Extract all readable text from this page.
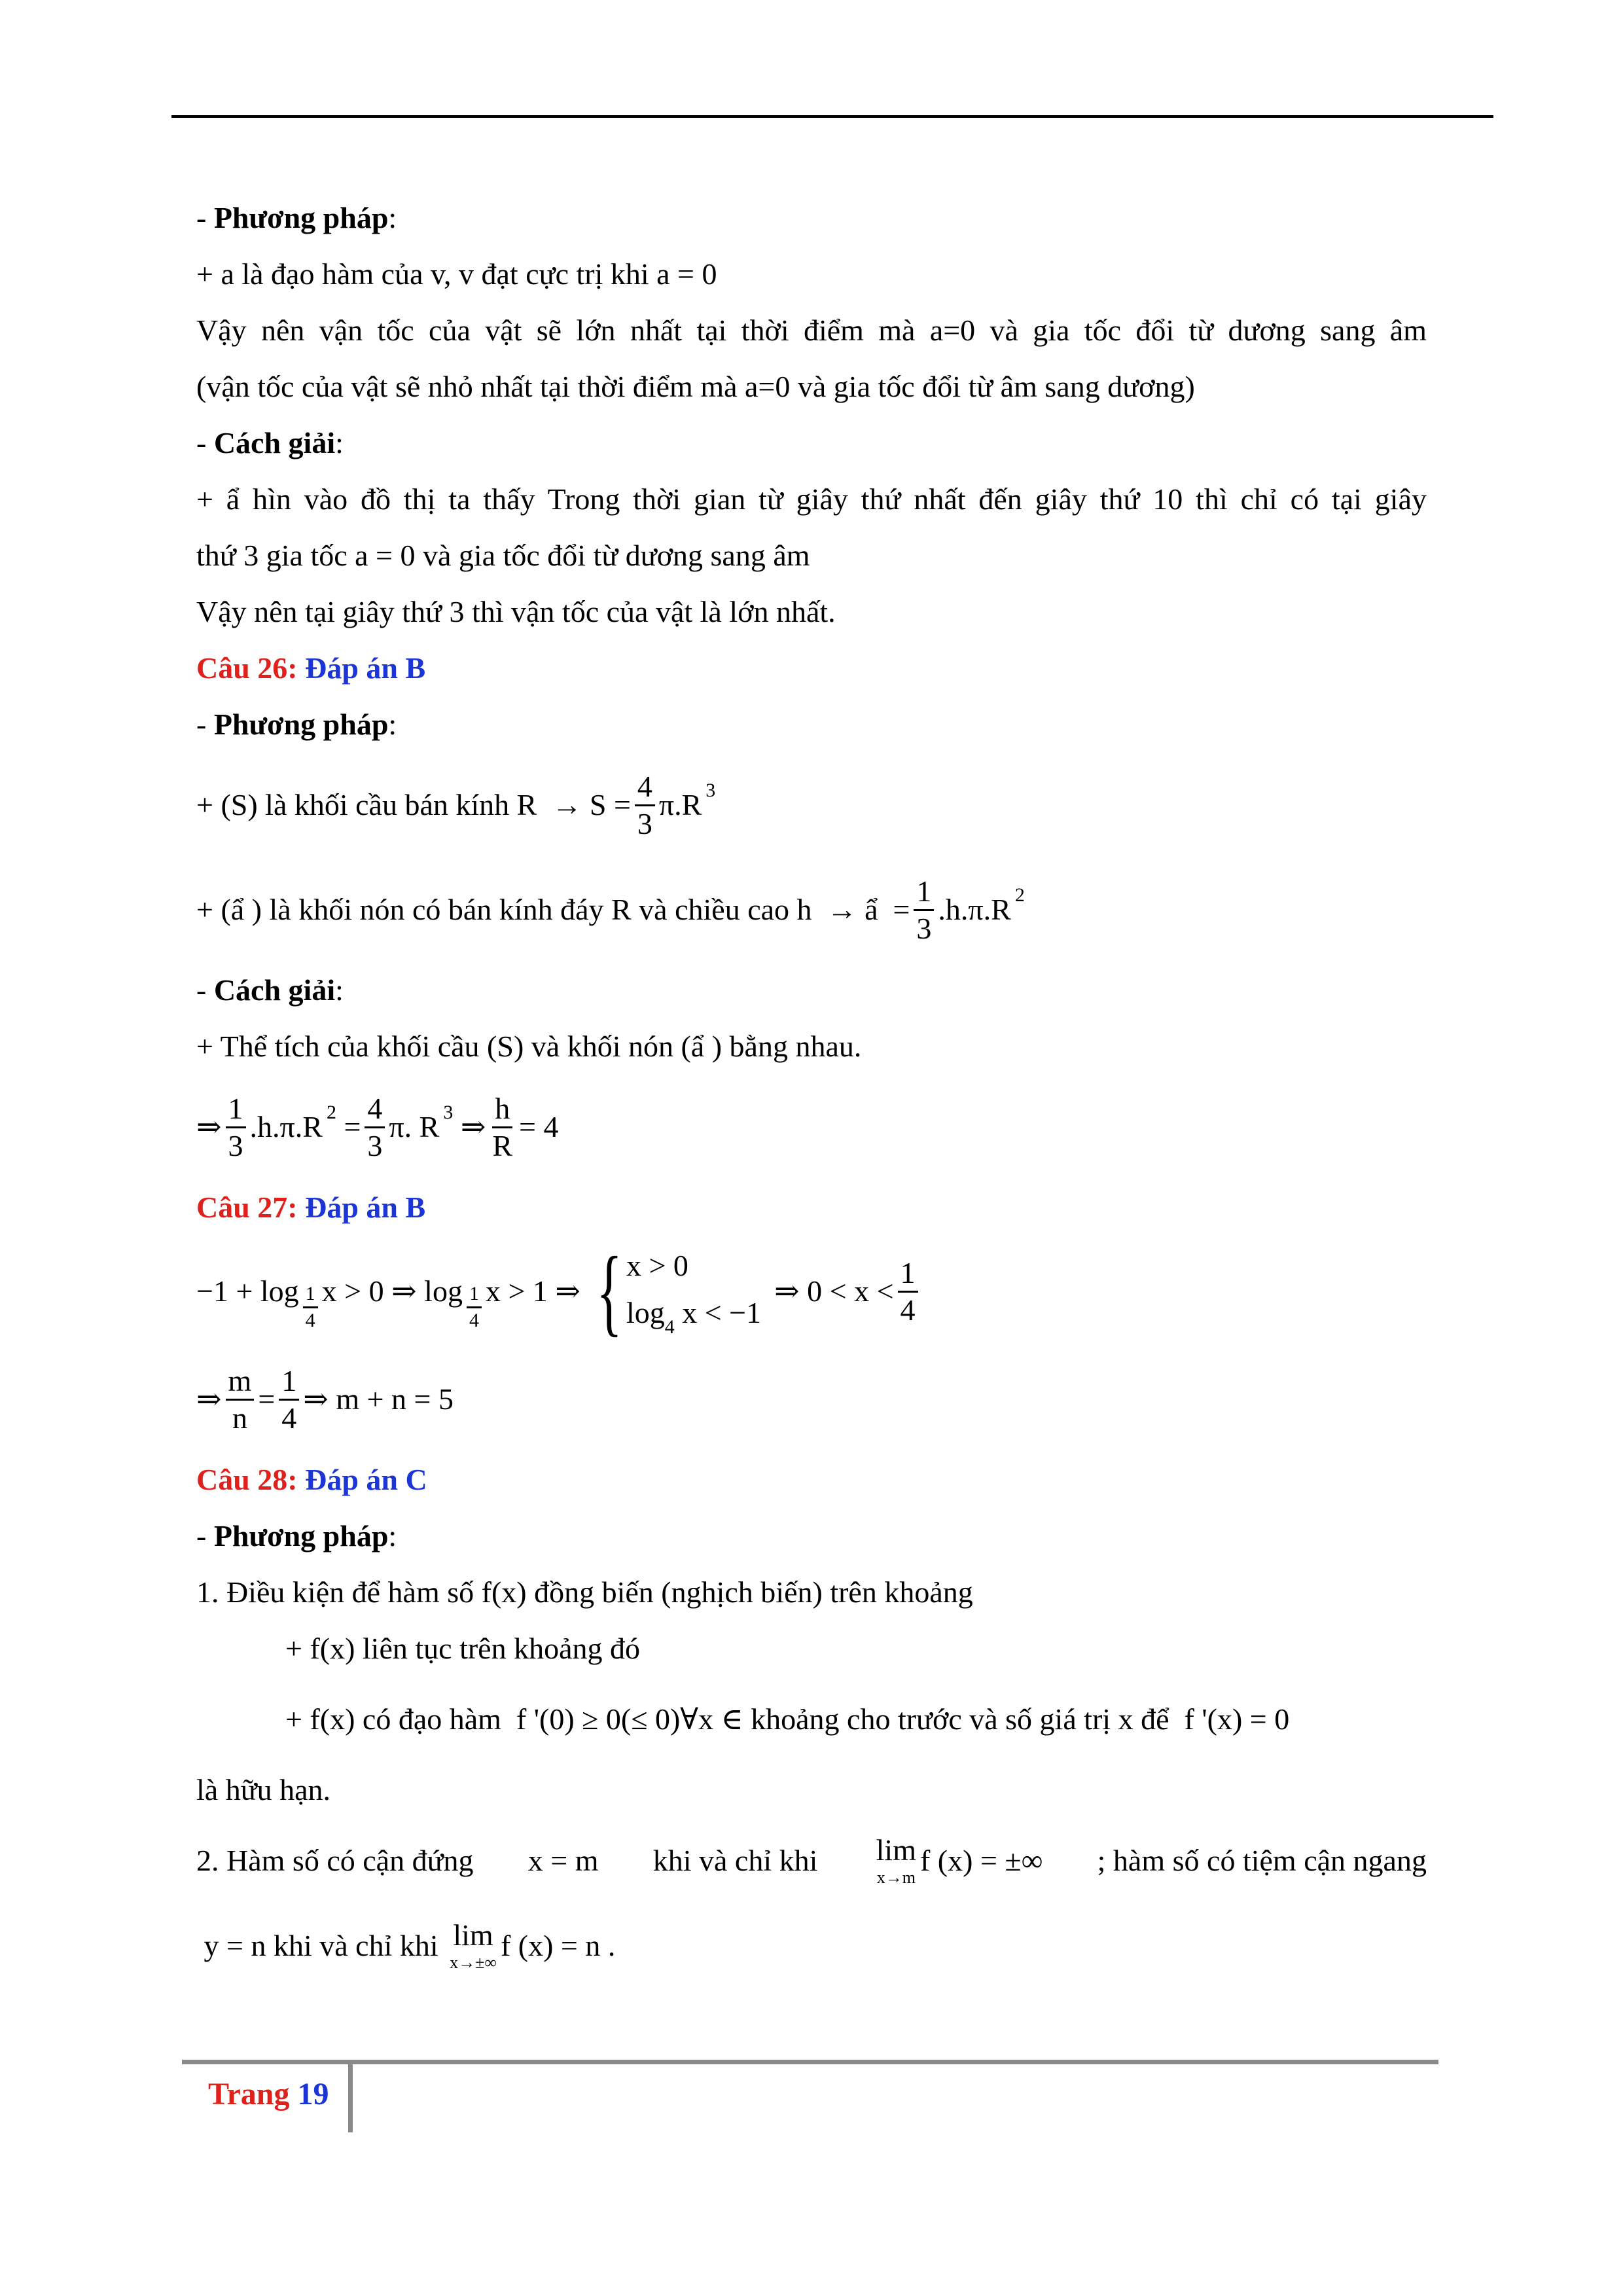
- Phương pháp:
+ a là đạo hàm của v, v đạt cực trị khi a = 0
Vậy nên vận tốc của vật sẽ lớn nhất tại thời điểm mà a=0 và gia tốc đổi từ dương sang âm
(vận tốc của vật sẽ nhỏ nhất tại thời điểm mà a=0 và gia tốc đổi từ âm sang dương)
- Cách giải:
+ ẩ hìn vào đồ thị ta thấy Trong thời gian từ giây thứ nhất đến giây thứ 10 thì chỉ có tại giây
thứ 3 gia tốc a = 0 và gia tốc đổi từ dương sang âm
Vậy nên tại giây thứ 3 thì vận tốc của vật là lớn nhất.
Câu 26: Đáp án B
- Phương pháp:
+ (S) là khối cầu bán kính $R \to S = \frac{4}{3} \pi.R$ 3
+ (ẩ ) là khối nón có bán kính đáy R và chiều cao h → ẩ  = $\frac{1}{3} .h.\pi.R$ 2
- Cách giải:
+ Thể tích của khối cầu (S) và khối nón (ẩ ) bằng nhau.
⇒ $\frac{1}{3} .h.\pi.R$ $2 = \frac{4}{3} \pi$. R 3 ⇒ $\frac{h}{R} = 4$
Câu 27: Đáp án B
$-1 + \log \frac{1}{4}$ x > 0 ⇒ $\log \frac{1}{4}$ x > 1 ⇒ { x > 0
$\log_4 x < -1$
⇒ $0 < x < \frac{1}{4}$
⇒ $\frac{m}{n} = \frac{1}{4}$ ⇒ m + n = 5
Câu 28: Đáp án C
- Phương pháp:
1. Điều kiện để hàm số f(x) đồng biến (nghịch biến) trên khoảng
+ f(x) liên tục trên khoảng đó
+ f(x) có đạo hàm
f '(0) ≥ 0(≤ 0)∀x ∈
khoảng cho trước và số giá trị x để
f '(x) = 0
là hữu hạn.
2. Hàm số có cận đứng x = m khi và chỉ khi lim
x→m
f (x) = ±∞ ; hàm số có tiệm cận ngang
y = n
khi và chỉ khi
lim
x→±∞
f (x) = n .
Trang 19
